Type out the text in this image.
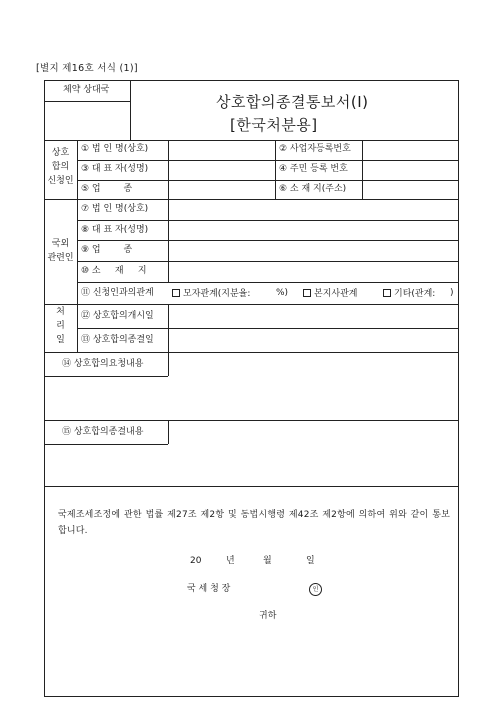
[별지 제16호 서식 (1)]
체약 상대국
상호합의종결통보서(Ⅰ)
[한국처분용]
상호
합의
신청인
① 법 인 명(상호)	② 사업자등록번호
③ 대 표 자(성명)	④ 주민 등록 번호
⑤ 업        종	⑥ 소 재 지(주소)
국외
관련인
⑦ 법 인 명(상호)
⑧ 대 표 자(성명)
⑨ 업        종
⑩ 소     재     지
⑪ 신청인과의관계	모자관계(지분율:	%)	본지사관계	기타(관계: )
처
리
일
⑫ 상호합의개시일
⑬ 상호합의종결일
⑭ 상호합의요청내용
⑮ 상호합의종결내용
국제조세조정에 관한 법률 제27조 제2항 및 동법시행령 제42조 제2항에 의하여 위와 같이 통보합니다.
20	년	월	일
국 세 청 장	인
귀하
